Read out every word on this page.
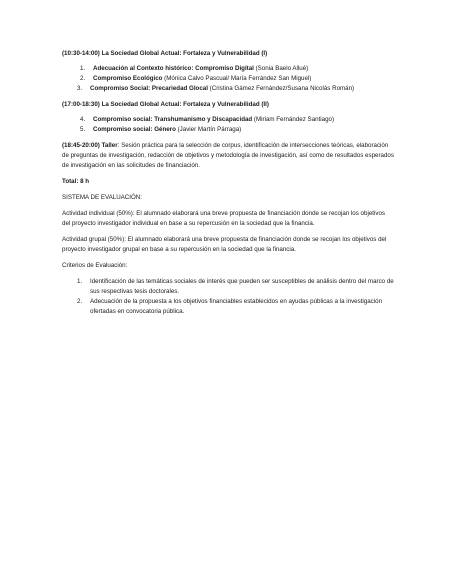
(10:30-14:00) La Sociedad Global Actual: Fortaleza y Vulnerabilidad (I)
1. Adecuación al Contexto histórico: Compromiso Digital (Sonia Baelo Allué)
2. Compromiso Ecológico (Mónica Calvo Pascual/ María Ferrández San Miguel)
3. Compromiso Social: Precariedad Glocal (Cristina Gámez Fernández/Susana Nicolás Román)
(17:00-18:30) La Sociedad Global Actual: Fortaleza y Vulnerabilidad (II)
4. Compromiso social: Transhumanismo y Discapacidad (Miriam Fernández Santiago)
5. Compromiso social: Género (Javier Martín Párraga)

(18:45-20:00) Taller: Sesión práctica para la selección de corpus, identificación de intersecciones teóricas, elaboración de preguntas de investigación, redacción de objetivos y metodología de investigación, así como de resultados esperados de investigación en las solicitudes de financiación.

Total: 8 h

SISTEMA DE EVALUACIÓN:

Actividad individual (50%): El alumnado elaborará una breve propuesta de financiación donde se recojan los objetivos del proyecto investigador individual en base a su repercusión en la sociedad que la financia.

Actividad grupal (50%): El alumnado elaborará una breve propuesta de financiación donde se recojan los objetivos del proyecto investigador grupal en base a su repercusión en la sociedad que la financia.

Criterios de Evaluación:

1. Identificación de las temáticas sociales de interés que pueden ser susceptibles de análisis dentro del marco de sus respectivas tesis doctorales.
2. Adecuación de la propuesta a los objetivos financiables establecidos en ayudas públicas a la investigación ofertadas en convocatoria pública.
